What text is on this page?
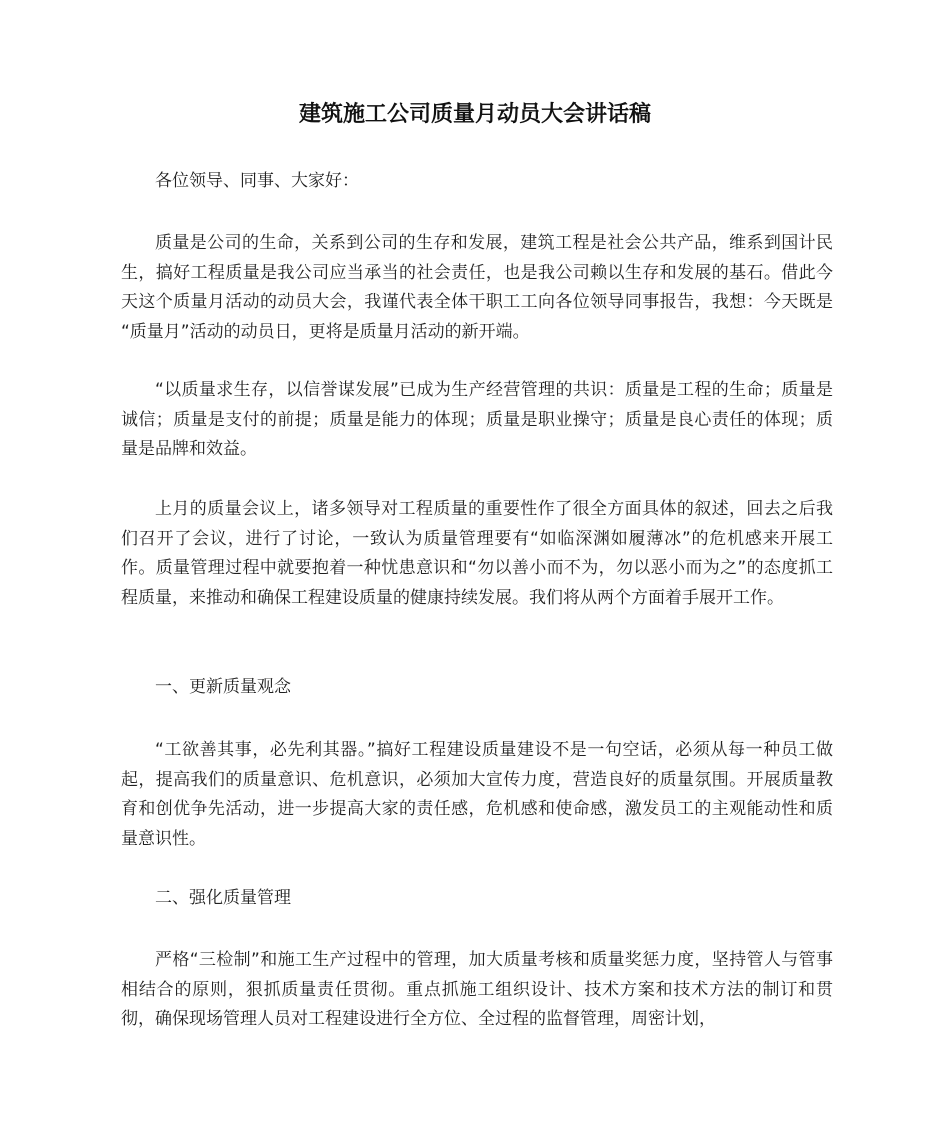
建筑施工公司质量月动员大会讲话稿

各位领导、同事、大家好：

质量是公司的生命，关系到公司的生存和发展，建筑工程是社会公共产品，维系到国计民生，搞好工程质量是我公司应当承当的社会责任，也是我公司赖以生存和发展的基石。借此今天这个质量月活动的动员大会，我谨代表全体干职工工向各位领导同事报告，我想：今天既是 “质量月”活动的动员日，更将是质量月活动的新开端。

“以质量求生存，以信誉谋发展”已成为生产经营管理的共识：质量是工程的生命；质量是诚信；质量是支付的前提；质量是能力的体现；质量是职业操守；质量是良心责任的体现；质量是品牌和效益。

上月的质量会议上，诸多领导对工程质量的重要性作了很全方面具体的叙述，回去之后我们召开了会议，进行了讨论，一致认为质量管理要有“如临深渊如履薄冰”的危机感来开展工作。质量管理过程中就要抱着一种忧患意识和“勿以善小而不为，勿以恶小而为之”的态度抓工程质量，来推动和确保工程建设质量的健康持续发展。我们将从两个方面着手展开工作。

一、更新质量观念

“工欲善其事，必先利其器。”搞好工程建设质量建设不是一句空话，必须从每一种员工做起，提高我们的质量意识、危机意识，必须加大宣传力度，营造良好的质量氛围。开展质量教育和创优争先活动，进一步提高大家的责任感，危机感和使命感，激发员工的主观能动性和质量意识性。

二、强化质量管理

严格“三检制”和施工生产过程中的管理，加大质量考核和质量奖惩力度，坚持管人与管事相结合的原则，狠抓质量责任贯彻。重点抓施工组织设计、技术方案和技术方法的制订和贯彻，确保现场管理人员对工程建设进行全方位、全过程的监督管理，周密计划，
